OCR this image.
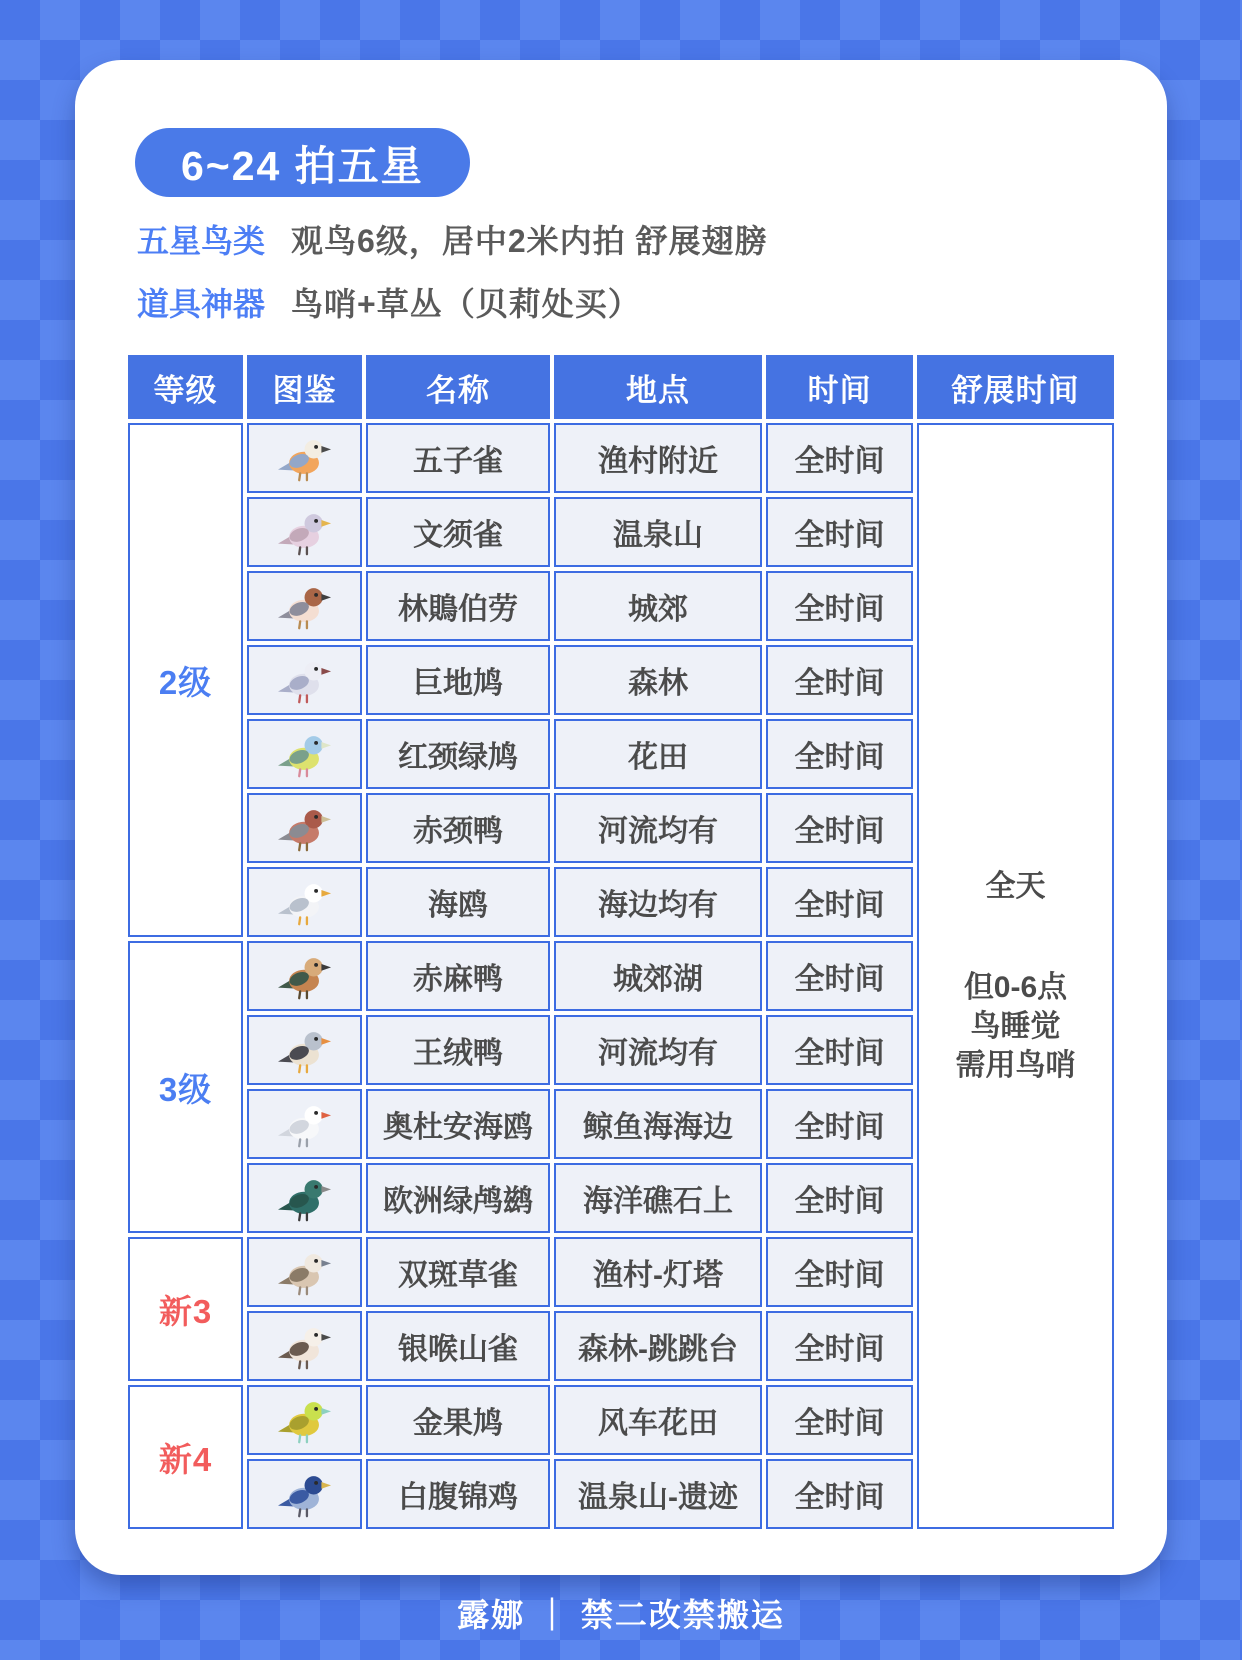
6~24 拍五星
五星鸟类 观鸟6级，居中2米内拍 舒展翅膀
道具神器 鸟哨+草丛（贝莉处买）
等级	图鉴	名称	地点	时间	舒展时间
2级
五子雀	渔村附近	全时间
文须雀	温泉山	全时间
林鵙伯劳	城郊	全时间
巨地鸠	森林	全时间
红颈绿鸠	花田	全时间
赤颈鸭	河流均有	全时间
海鸥	海边均有	全时间
3级
赤麻鸭	城郊湖	全时间
王绒鸭	河流均有	全时间
奥杜安海鸥	鲸鱼海海边	全时间
欧洲绿鸬鹚	海洋礁石上	全时间
新3
双斑草雀	渔村-灯塔	全时间
银喉山雀	森林-跳跳台	全时间
新4
金果鸠	风车花田	全时间
白腹锦鸡	温泉山-遗迹	全时间
全天
但0-6点
鸟睡觉
需用鸟哨
露娜 ｜ 禁二改禁搬运
